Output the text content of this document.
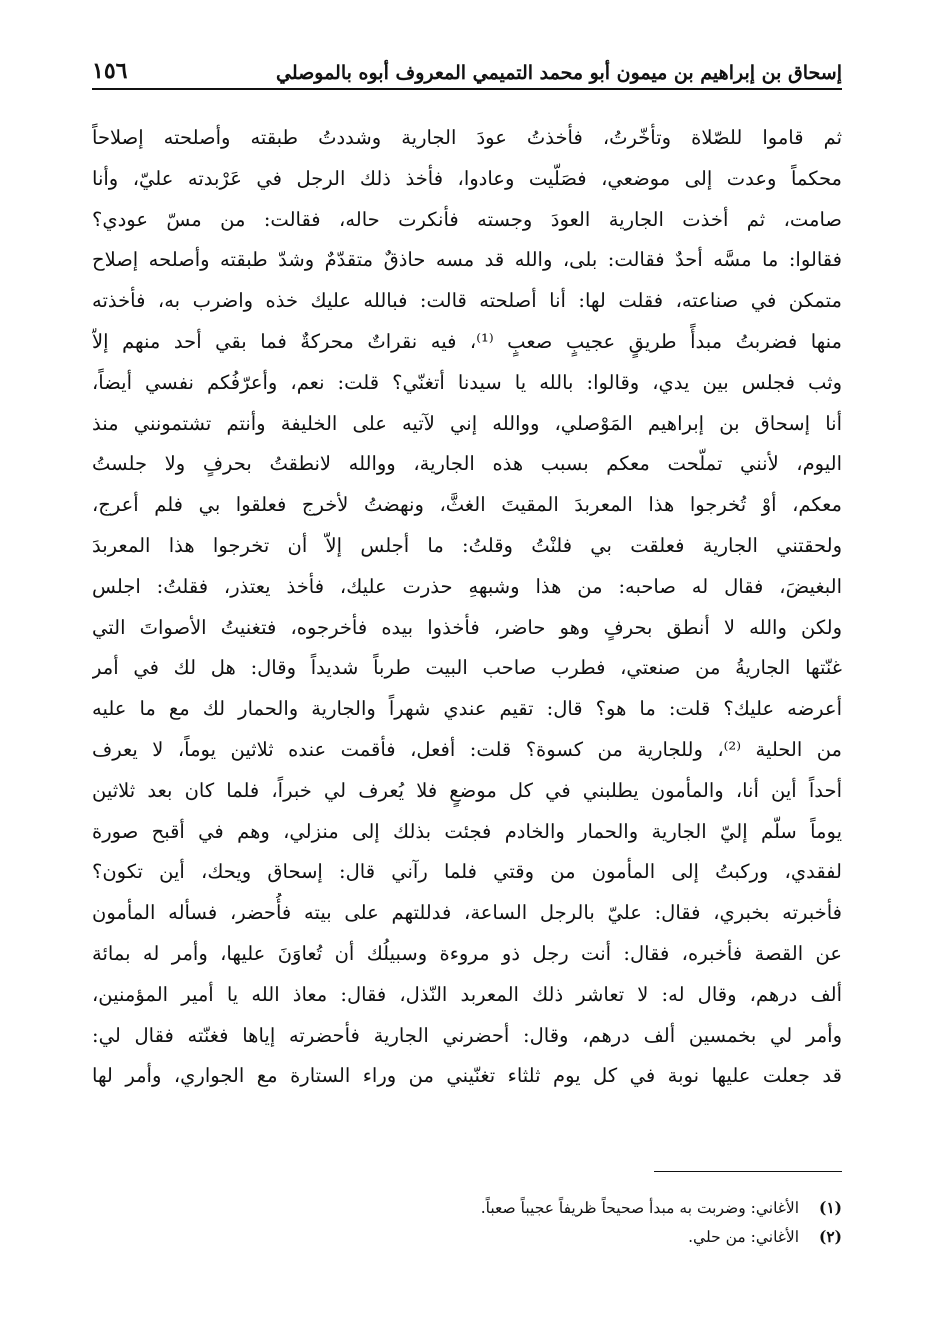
إسحاق بن إبراهيم بن ميمون أبو محمد التميمي المعروف أبوه بالموصلي
١٥٦
ثم قاموا للصّلاة وتأخّرتُ، فأخذتُ عودَ الجارية وشددتُ طبقته وأصلحته إصلاحاً
محكماً وعدت إلى موضعي، فصَلّيت وعادوا، فأخذ ذلك الرجل في عَرْبدته عليّ، وأنا
صامت، ثم أخذت الجارية العودَ وجسته فأنكرت حاله، فقالت: من مسّ عودي؟
فقالوا: ما مسَّه أحدٌ فقالت: بلى، والله قد مسه حاذقٌ متقدّمٌ وشدّ طبقته وأصلحه إصلاح
متمكن في صناعته، فقلت لها: أنا أصلحته قالت: فبالله عليك خذه واضرب به، فأخذته
منها فضربتُ مبدأً طريقٍ عجيبٍ صعبٍ ⁽¹⁾، فيه نقراتٌ محركةٌ فما بقي أحد منهم إلاّ
وثب فجلس بين يدي، وقالوا: بالله يا سيدنا أتغنّي؟ قلت: نعم، وأعرّفُكم نفسي أيضاً،
أنا إسحاق بن إبراهيم المَوْصلي، ووالله إني لآتيه على الخليفة وأنتم تشتمونني منذ
اليوم، لأنني تملّحت معكم بسبب هذه الجارية، ووالله لانطقتُ بحرفٍ ولا جلستُ
معكم، أوْ تُخرجوا هذا المعربدَ المقيتَ الغثَّ، ونهضتُ لأخرج فعلقوا بي فلم أعرج،
ولحقتني الجارية فعلقت بي فلنْتُ وقلتُ: ما أجلس إلاّ أن تخرجوا هذا المعربدَ
البغيضَ، فقال له صاحبه: من هذا وشبههِ حذرت عليك، فأخذ يعتذر، فقلتُ: اجلس
ولكن والله لا أنطق بحرفٍ وهو حاضر، فأخذوا بيده فأخرجوه، فتغنيتُ الأصواتَ التي
غنّتها الجاريةُ من صنعتي، فطرب صاحب البيت طرباً شديداً وقال: هل لك في أمر
أعرضه عليك؟ قلت: ما هو؟ قال: تقيم عندي شهراً والجارية والحمار لك مع ما عليه
من الحلية ⁽²⁾، وللجارية من كسوة؟ قلت: أفعل، فأقمت عنده ثلاثين يوماً، لا يعرف
أحداً أين أنا، والمأمون يطلبني في كل موضعٍ فلا يُعرف لي خبراً، فلما كان بعد ثلاثين
يوماً سلّم إليّ الجارية والحمار والخادم فجئت بذلك إلى منزلي، وهم في أقبح صورة
لفقدي، وركبتُ إلى المأمون من وقتي فلما رآني قال: إسحاق ويحك، أين تكون؟
فأخبرته بخبري، فقال: عليّ بالرجل الساعة، فدللتهم على بيته فأُحضر، فسأله المأمون
عن القصة فأخبره، فقال: أنت رجل ذو مروءة وسبيلُك أن تُعاوَنَ عليها، وأمر له بمائة
ألف درهم، وقال له: لا تعاشر ذلك المعربد النّذل، فقال: معاذ الله يا أمير المؤمنين،
وأمر لي بخمسين ألف درهم، وقال: أحضرني الجارية فأحضرته إياها فغنّته فقال لي:
قد جعلت عليها نوبة في كل يوم ثلثاء تغنّيني من وراء الستارة مع الجواري، وأمر لها
(١) الأغاني: وضربت به مبدأ صحيحاً ظريفاً عجيباً صعباً.
(٢) الأغاني: من حلي.
